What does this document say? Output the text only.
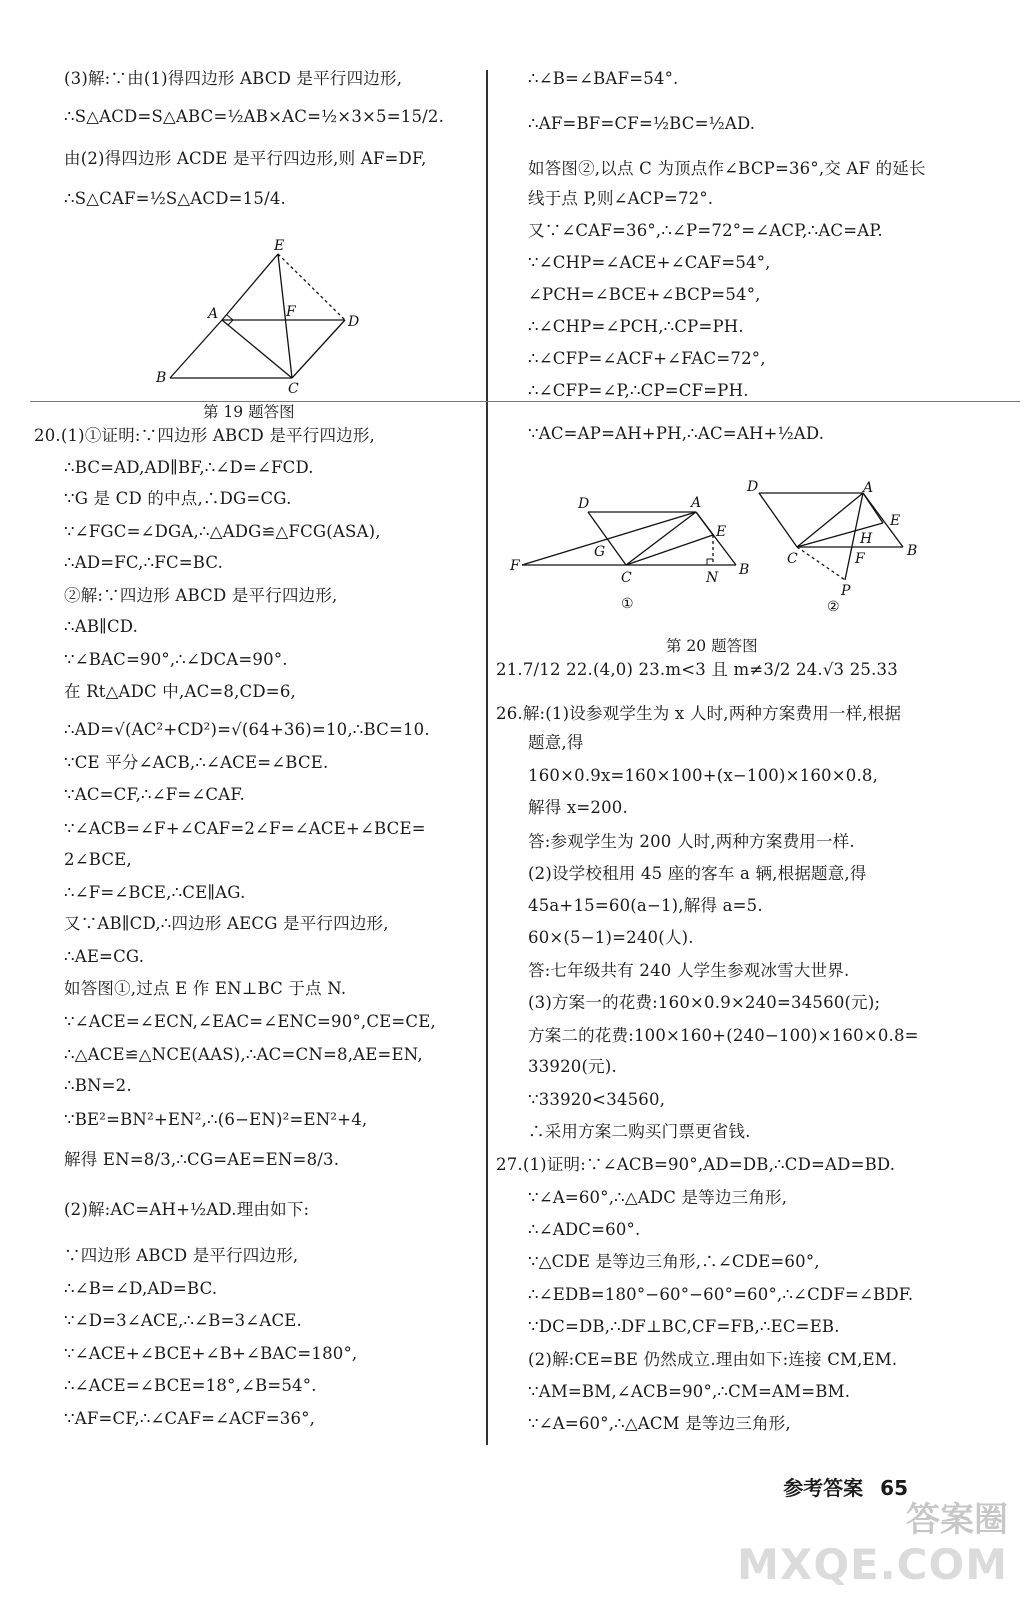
(3)解:∵由(1)得四边形 ABCD 是平行四边形,
∴S△ACD=S△ABC=½AB×AC=½×3×5=15/2.
由(2)得四边形 ACDE 是平行四边形,则 AF=DF,
∴S△CAF=½S△ACD=15/4.
20.(1)①证明:∵四边形 ABCD 是平行四边形,
∴BC=AD,AD∥BF,∴∠D=∠FCD.
∵G 是 CD 的中点,∴DG=CG.
∵∠FGC=∠DGA,∴△ADG≌△FCG(ASA),
∴AD=FC,∴FC=BC.
②解:∵四边形 ABCD 是平行四边形,
∴AB∥CD.
∵∠BAC=90°,∴∠DCA=90°.
在 Rt△ADC 中,AC=8,CD=6,
∴AD=√(AC²+CD²)=√(64+36)=10,∴BC=10.
∵CE 平分∠ACB,∴∠ACE=∠BCE.
∵AC=CF,∴∠F=∠CAF.
∵∠ACB=∠F+∠CAF=2∠F=∠ACE+∠BCE=
2∠BCE,
∴∠F=∠BCE,∴CE∥AG.
又∵AB∥CD,∴四边形 AECG 是平行四边形,
∴AE=CG.
如答图①,过点 E 作 EN⊥BC 于点 N.
∵∠ACE=∠ECN,∠EAC=∠ENC=90°,CE=CE,
∴△ACE≌△NCE(AAS),∴AC=CN=8,AE=EN,
∴BN=2.
∵BE²=BN²+EN²,∴(6−EN)²=EN²+4,
解得 EN=8/3,∴CG=AE=EN=8/3.
(2)解:AC=AH+½AD.理由如下:
∵四边形 ABCD 是平行四边形,
∴∠B=∠D,AD=BC.
∵∠D=3∠ACE,∴∠B=3∠ACE.
∵∠ACE+∠BCE+∠B+∠BAC=180°,
∴∠ACE=∠BCE=18°,∠B=54°.
∵AF=CF,∴∠CAF=∠ACF=36°,
∴∠B=∠BAF=54°.
∴AF=BF=CF=½BC=½AD.
如答图②,以点 C 为顶点作∠BCP=36°,交 AF 的延长
线于点 P,则∠ACP=72°.
又∵∠CAF=36°,∴∠P=72°=∠ACP,∴AC=AP.
∵∠CHP=∠ACE+∠CAF=54°,
∠PCH=∠BCE+∠BCP=54°,
∴∠CHP=∠PCH,∴CP=PH.
∴∠CFP=∠ACF+∠FAC=72°,
∴∠CFP=∠P,∴CP=CF=PH.
∵AC=AP=AH+PH,∴AC=AH+½AD.
21.7/12 22.(4,0) 23.m<3 且 m≠3/2 24.√3 25.33
26.解:(1)设参观学生为 x 人时,两种方案费用一样,根据
题意,得
160×0.9x=160×100+(x−100)×160×0.8,
解得 x=200.
答:参观学生为 200 人时,两种方案费用一样.
(2)设学校租用 45 座的客车 a 辆,根据题意,得
45a+15=60(a−1),解得 a=5.
60×(5−1)=240(人).
答:七年级共有 240 人学生参观冰雪大世界.
(3)方案一的花费:160×0.9×240=34560(元);
方案二的花费:100×160+(240−100)×160×0.8=
33920(元).
∵33920<34560,
∴采用方案二购买门票更省钱.
27.(1)证明:∵∠ACB=90°,AD=DB,∴CD=AD=BD.
∵∠A=60°,∴△ADC 是等边三角形,
∴∠ADC=60°.
∵△CDE 是等边三角形,∴∠CDE=60°,
∴∠EDB=180°−60°−60°=60°,∴∠CDF=∠BDF.
∵DC=DB,∴DF⊥BC,CF=FB,∴EC=EB.
(2)解:CE=BE 仍然成立.理由如下:连接 CM,EM.
∵AM=BM,∠ACB=90°,∴CM=AM=BM.
∵∠A=60°,∴△ACM 是等边三角形,
E
A	F
D
B
C
第 19 题答图
D	A
E
G
F
C	N B
①
D	A
E
H
C	F	B
P
②
第 20 题答图
参考答案 65
答案圈
MXQE.COM
